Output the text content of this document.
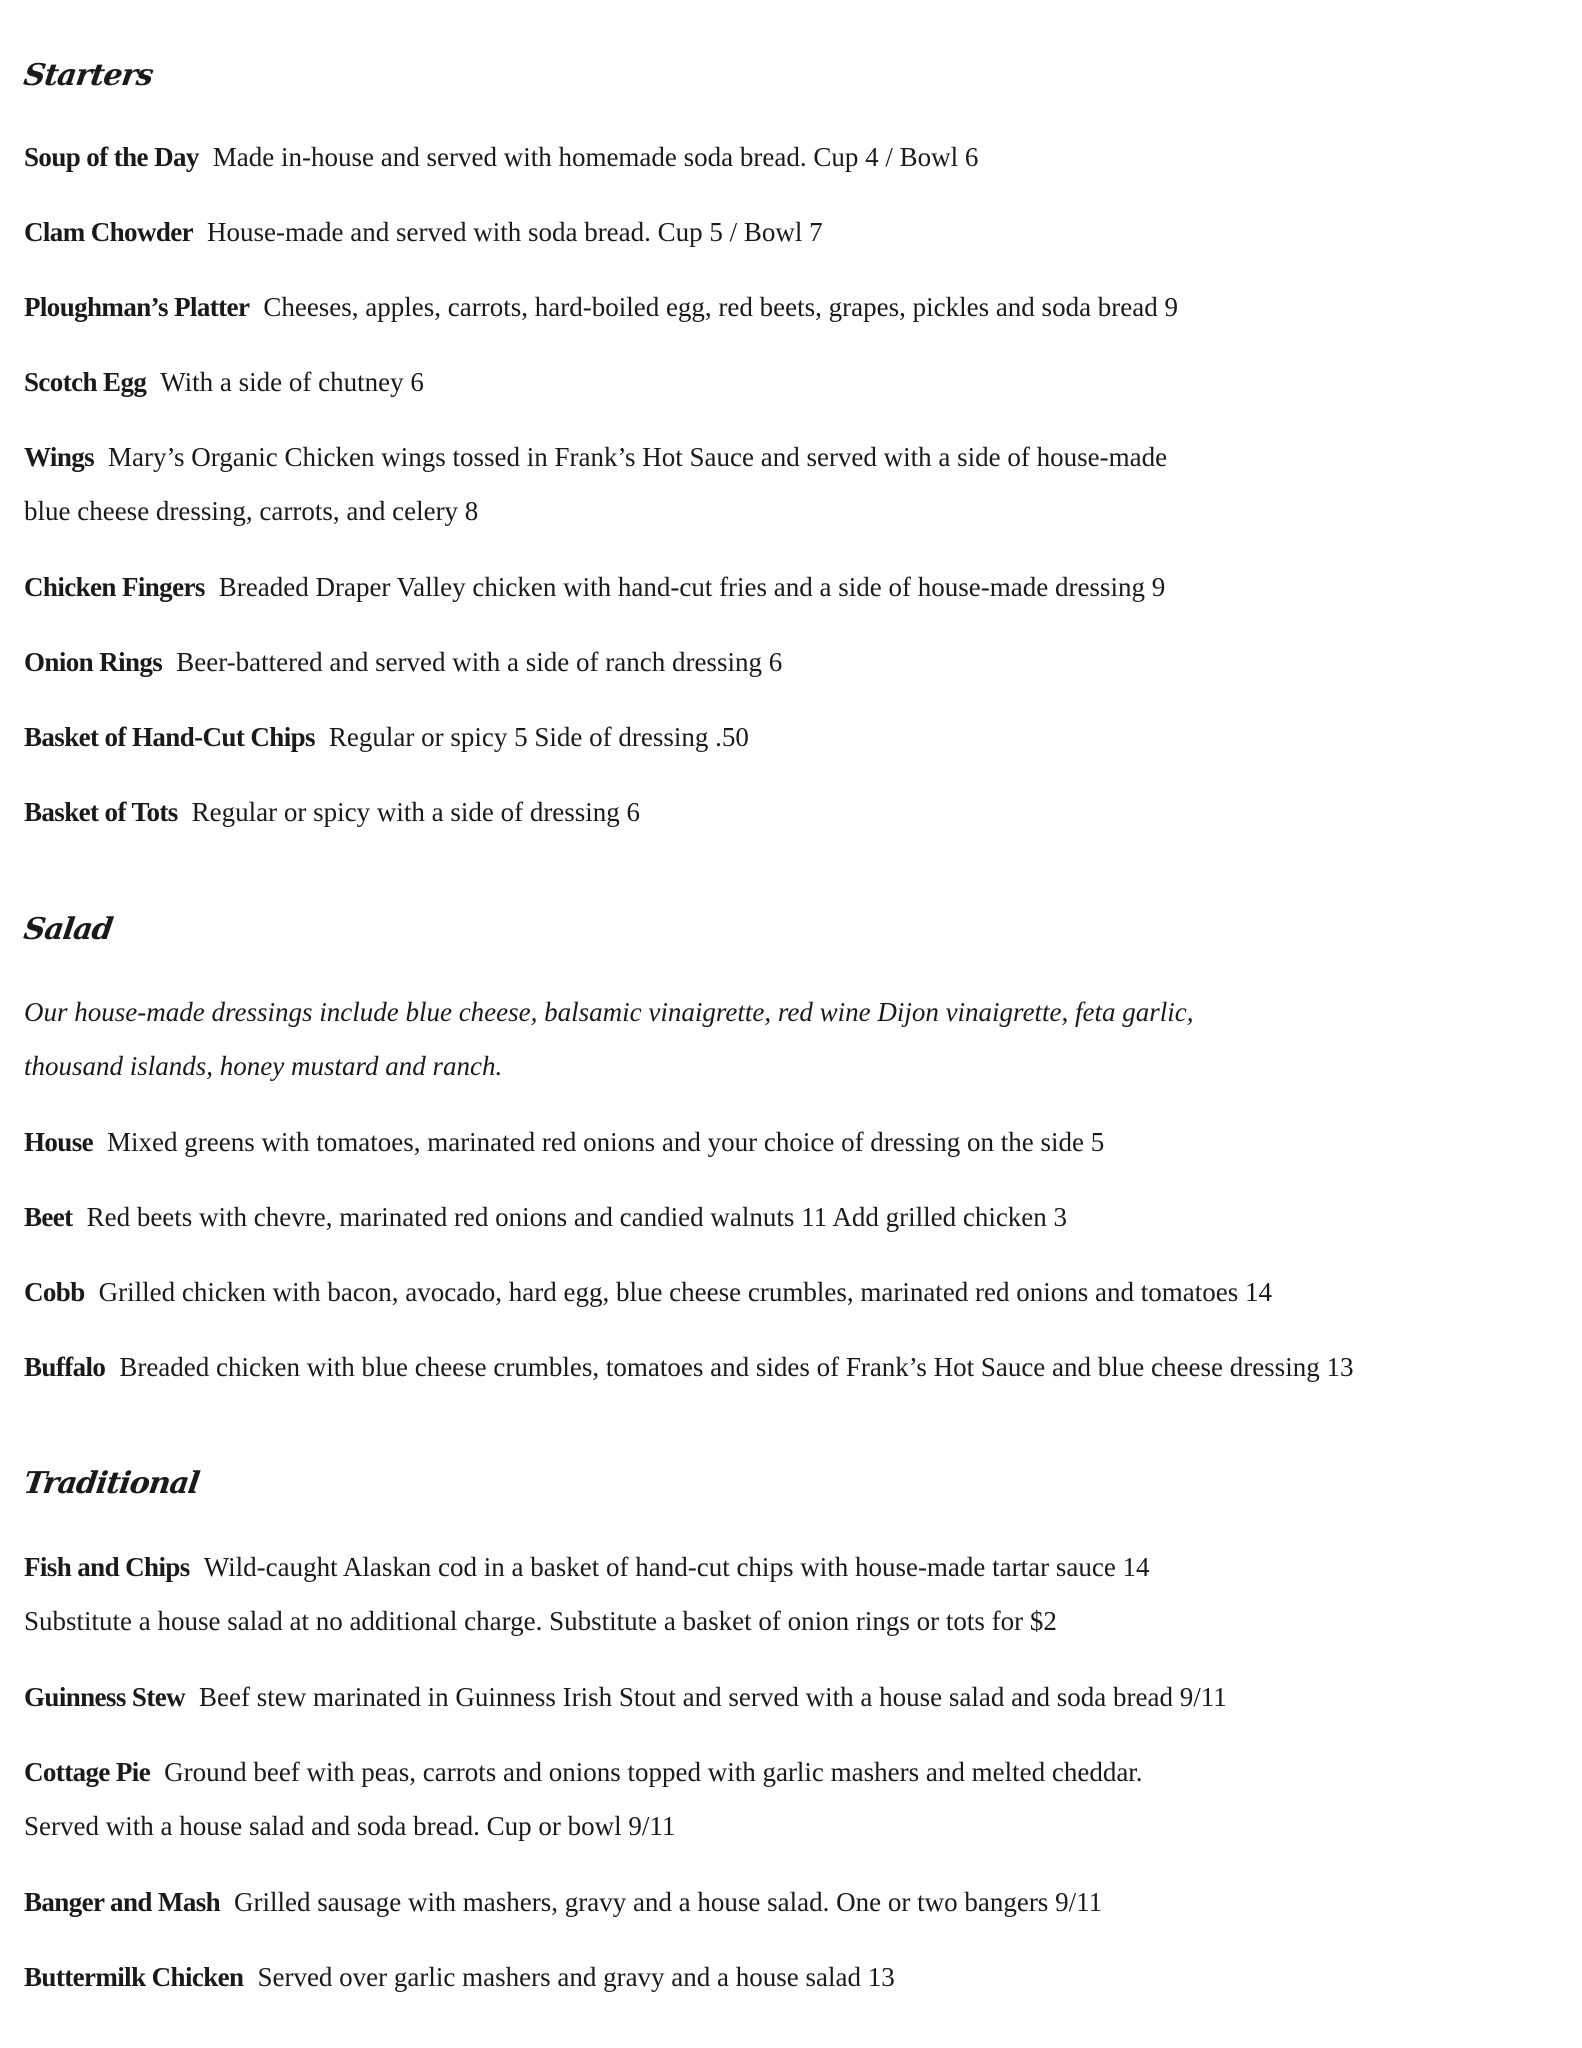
Starters
Soup of the Day Made in-house and served with homemade soda bread. Cup 4 / Bowl 6
Clam Chowder House-made and served with soda bread. Cup 5 / Bowl 7
Ploughman’s Platter Cheeses, apples, carrots, hard-boiled egg, red beets, grapes, pickles and soda bread 9
Scotch Egg With a side of chutney 6
Wings Mary’s Organic Chicken wings tossed in Frank’s Hot Sauce and served with a side of house-made
blue cheese dressing, carrots, and celery 8
Chicken Fingers Breaded Draper Valley chicken with hand-cut fries and a side of house-made dressing 9
Onion Rings Beer-battered and served with a side of ranch dressing 6
Basket of Hand-Cut Chips Regular or spicy 5 Side of dressing .50
Basket of Tots Regular or spicy with a side of dressing 6
Salad
Our house-made dressings include blue cheese, balsamic vinaigrette, red wine Dijon vinaigrette, feta garlic,
thousand islands, honey mustard and ranch.
House Mixed greens with tomatoes, marinated red onions and your choice of dressing on the side 5
Beet Red beets with chevre, marinated red onions and candied walnuts 11 Add grilled chicken 3
Cobb Grilled chicken with bacon, avocado, hard egg, blue cheese crumbles, marinated red onions and tomatoes 14
Buffalo Breaded chicken with blue cheese crumbles, tomatoes and sides of Frank’s Hot Sauce and blue cheese dressing 13
Traditional
Fish and Chips Wild-caught Alaskan cod in a basket of hand-cut chips with house-made tartar sauce 14
Substitute a house salad at no additional charge. Substitute a basket of onion rings or tots for $2
Guinness Stew Beef stew marinated in Guinness Irish Stout and served with a house salad and soda bread 9/11
Cottage Pie Ground beef with peas, carrots and onions topped with garlic mashers and melted cheddar.
Served with a house salad and soda bread. Cup or bowl 9/11
Banger and Mash Grilled sausage with mashers, gravy and a house salad. One or two bangers 9/11
Buttermilk Chicken Served over garlic mashers and gravy and a house salad 13
